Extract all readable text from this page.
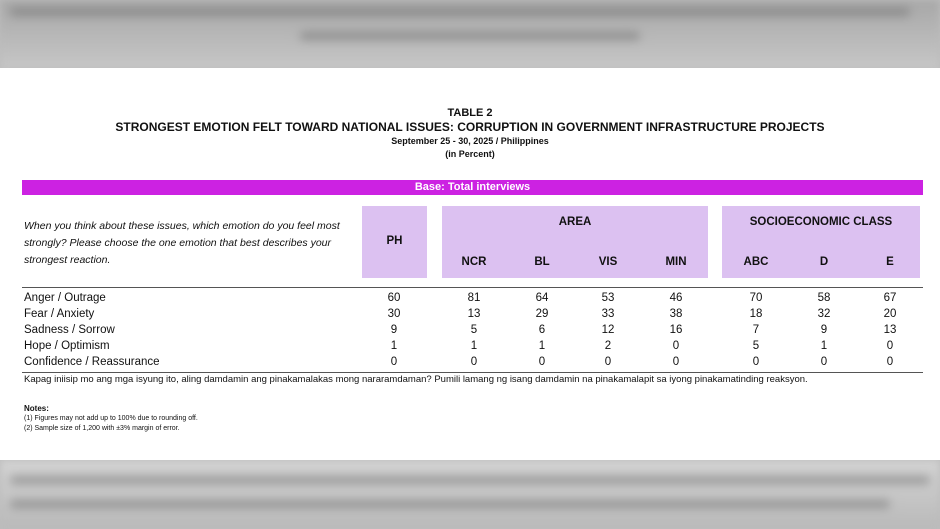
TABLE 2
STRONGEST EMOTION FELT TOWARD NATIONAL ISSUES: CORRUPTION IN GOVERNMENT INFRASTRUCTURE PROJECTS
September 25 - 30, 2025 / Philippines
(in Percent)
Base: Total interviews
When you think about these issues, which emotion do you feel most strongly? Please choose the one emotion that best describes your strongest reaction.
PH
AREA	SOCIOECONOMIC CLASS
NCR	BL	VIS	MIN	ABC	D	E
Anger / Outrage	60	81	64	53	46	70	58	67
Fear / Anxiety	30	13	29	33	38	18	32	20
Sadness / Sorrow	9	5	6	12	16	7	9	13
Hope / Optimism	1	1	1	2	0	5	1	0
Confidence / Reassurance	0	0	0	0	0	0	0	0
Kapag iniisip mo ang mga isyung ito, aling damdamin ang pinakamalakas mong nararamdaman? Pumili lamang ng isang damdamin na pinakamalapit sa iyong pinakamatinding reaksyon.
Notes:
(1) Figures may not add up to 100% due to rounding off.
(2) Sample size of 1,200 with ±3% margin of error.
